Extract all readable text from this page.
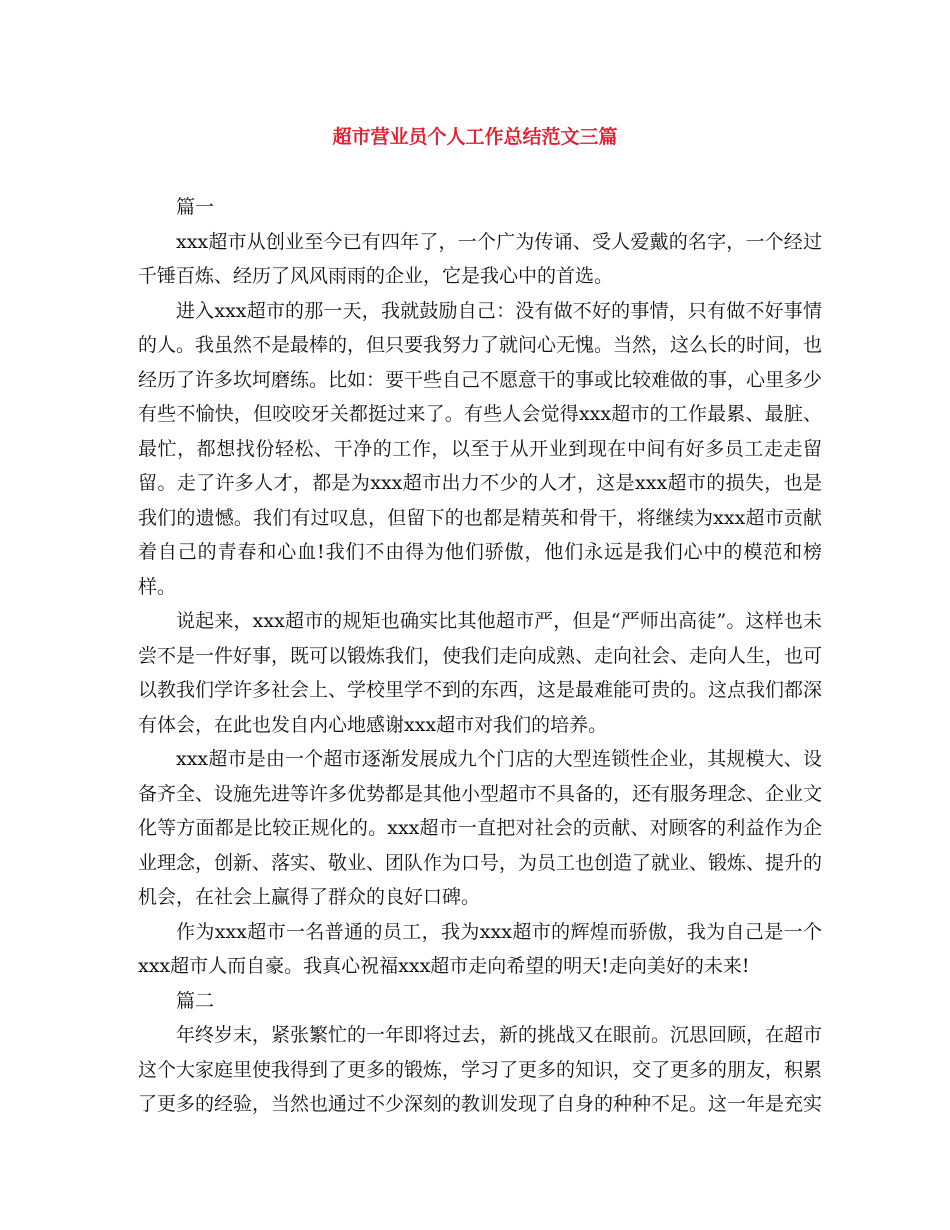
超市营业员个人工作总结范文三篇

篇一

xxx超市从创业至今已有四年了，一个广为传诵、受人爱戴的名字，一个经过千锤百炼、经历了风风雨雨的企业，它是我心中的首选。

进入xxx超市的那一天，我就鼓励自己：没有做不好的事情，只有做不好事情的人。我虽然不是最棒的，但只要我努力了就问心无愧。当然，这么长的时间，也经历了许多坎坷磨练。比如：要干些自己不愿意干的事或比较难做的事，心里多少有些不愉快，但咬咬牙关都挺过来了。有些人会觉得xxx超市的工作最累、最脏、最忙，都想找份轻松、干净的工作，以至于从开业到现在中间有好多员工走走留留。走了许多人才，都是为xxx超市出力不少的人才，这是xxx超市的损失，也是我们的遗憾。我们有过叹息，但留下的也都是精英和骨干，将继续为xxx超市贡献着自己的青春和心血!我们不由得为他们骄傲，他们永远是我们心中的模范和榜样。

说起来，xxx超市的规矩也确实比其他超市严，但是“严师出高徒”。这样也未尝不是一件好事，既可以锻炼我们，使我们走向成熟、走向社会、走向人生，也可以教我们学许多社会上、学校里学不到的东西，这是最难能可贵的。这点我们都深有体会，在此也发自内心地感谢xxx超市对我们的培养。

xxx超市是由一个超市逐渐发展成九个门店的大型连锁性企业，其规模大、设备齐全、设施先进等许多优势都是其他小型超市不具备的，还有服务理念、企业文化等方面都是比较正规化的。xxx超市一直把对社会的贡献、对顾客的利益作为企业理念，创新、落实、敬业、团队作为口号，为员工也创造了就业、锻炼、提升的机会，在社会上赢得了群众的良好口碑。

作为xxx超市一名普通的员工，我为xxx超市的辉煌而骄傲，我为自己是一个xxx超市人而自豪。我真心祝福xxx超市走向希望的明天!走向美好的未来!

篇二

年终岁末，紧张繁忙的一年即将过去，新的挑战又在眼前。沉思回顾，在超市这个大家庭里使我得到了更多的锻炼，学习了更多的知识，交了更多的朋友，积累了更多的经验，当然也通过不少深刻的教训发现了自身的种种不足。这一年是充实
